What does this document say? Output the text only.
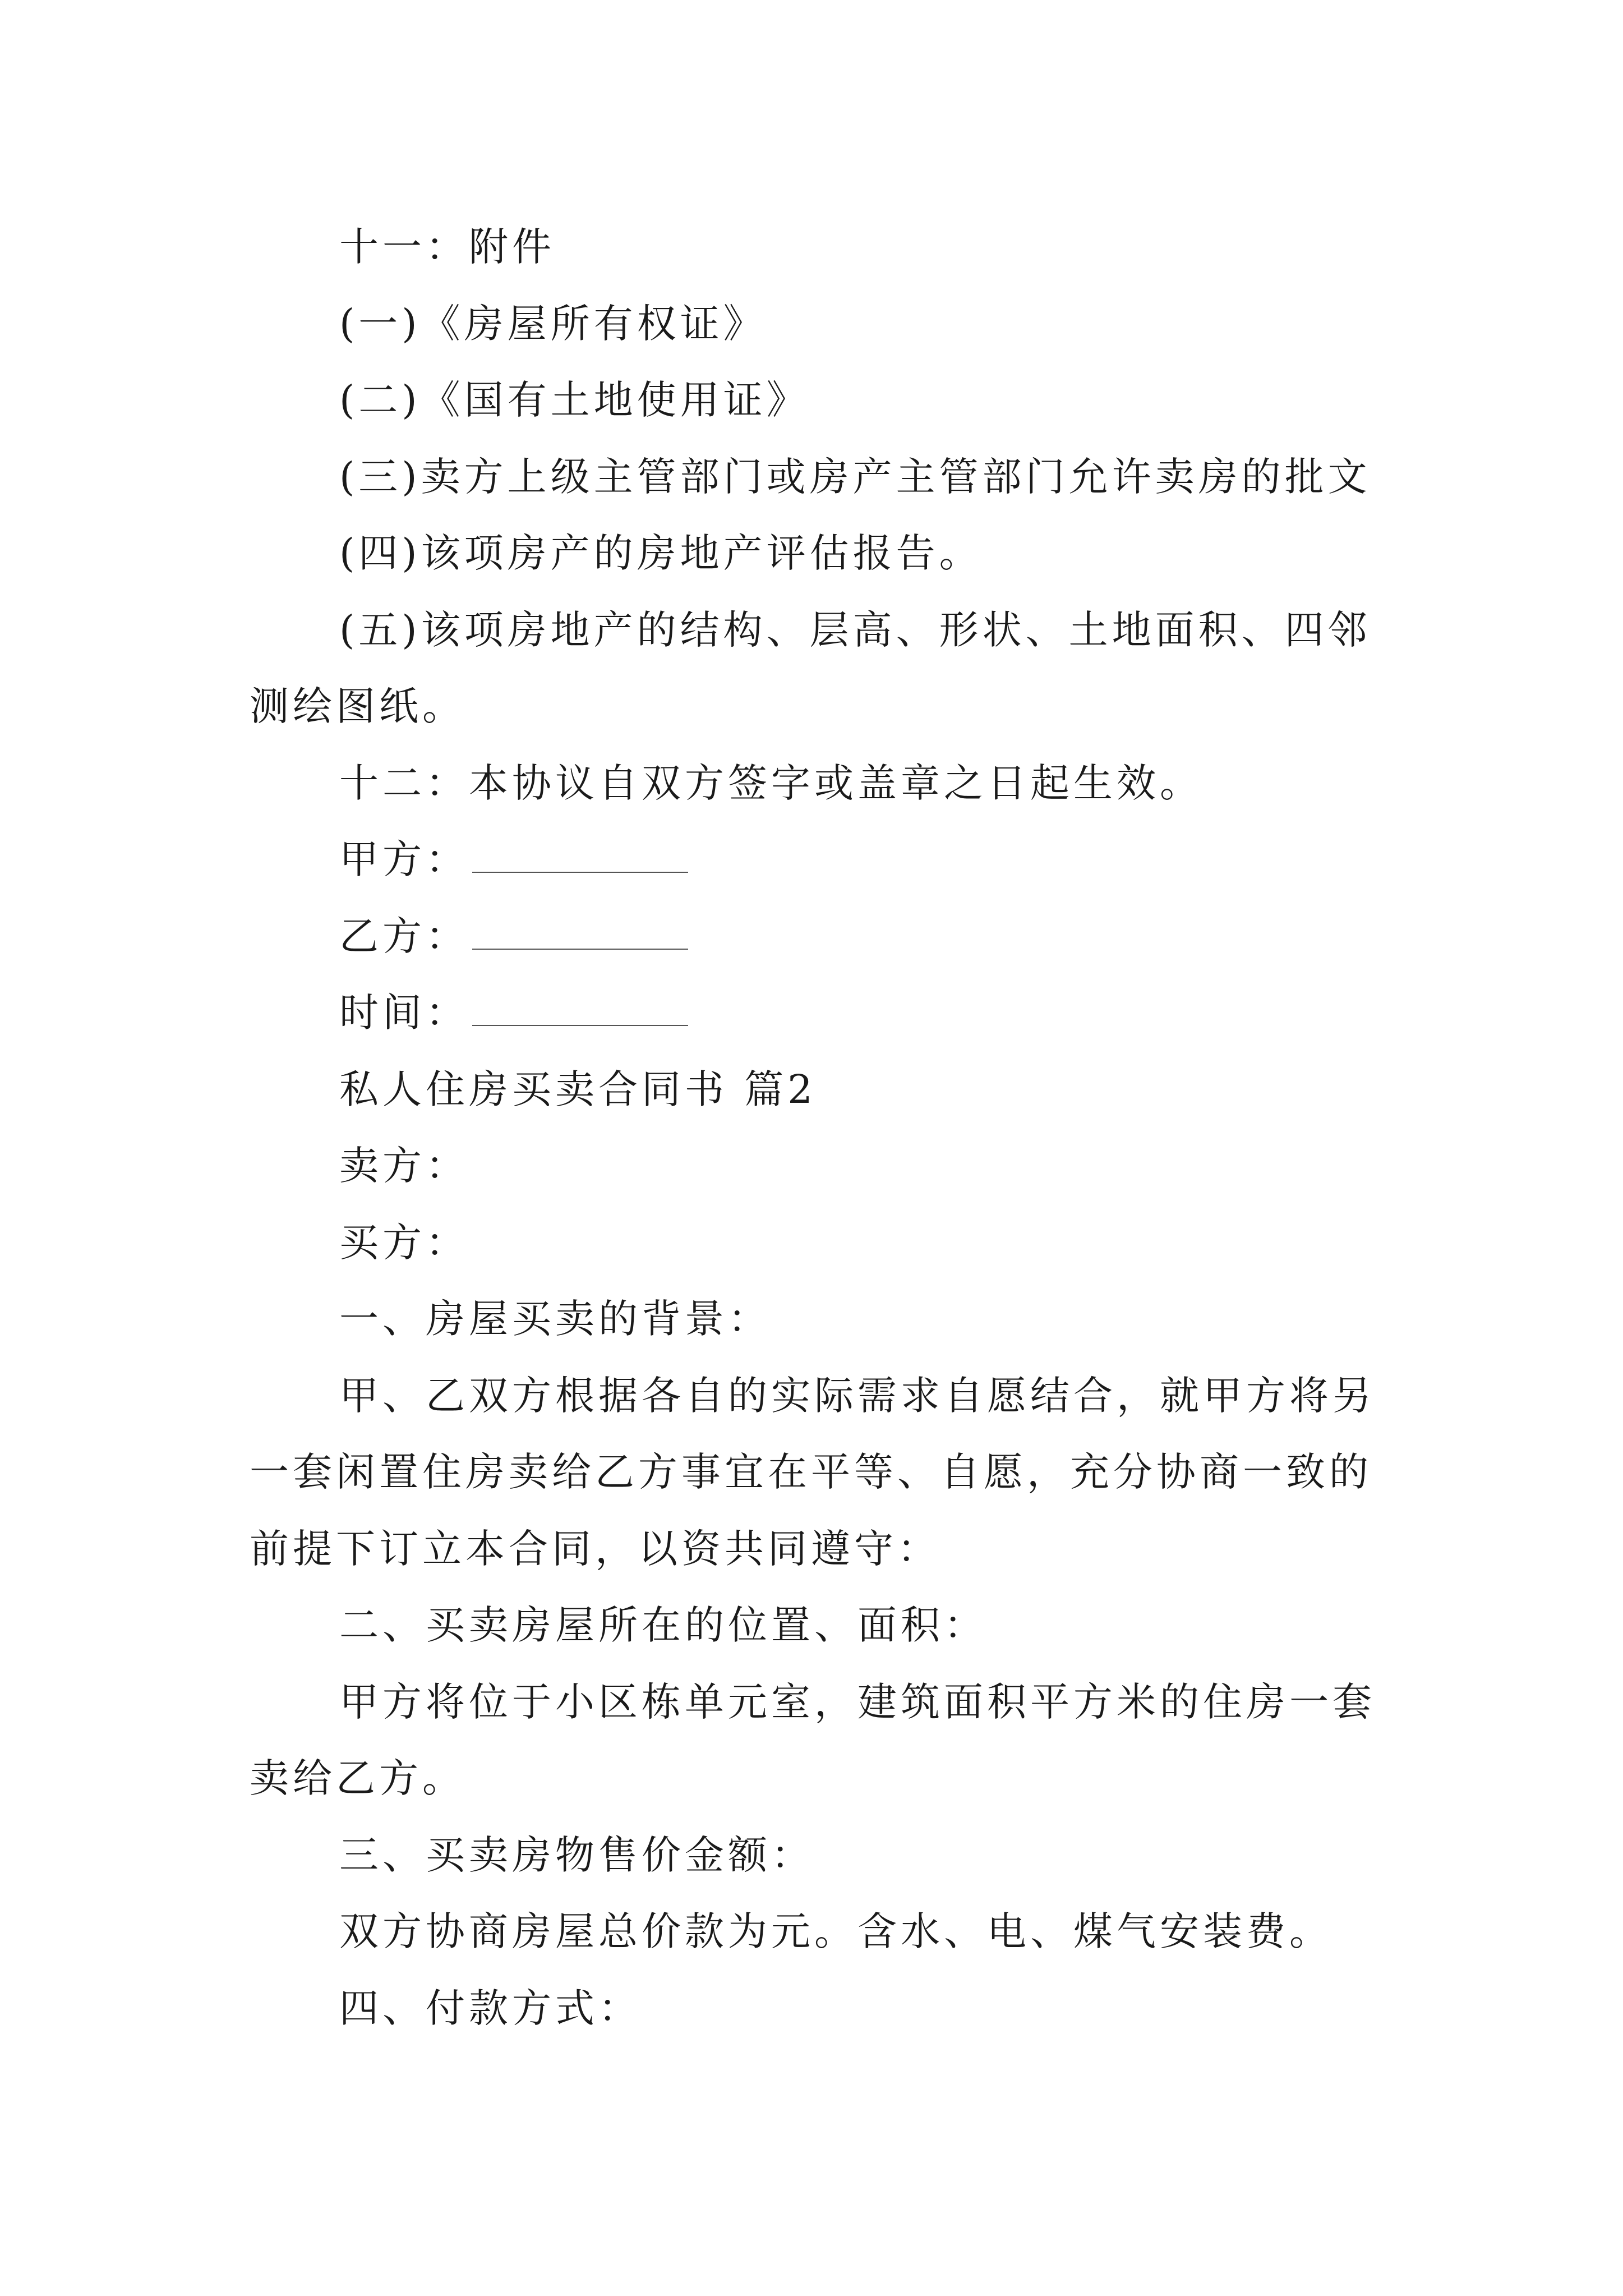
十一：附件
(一)《房屋所有权证》
(二)《国有土地使用证》
(三)卖方上级主管部门或房产主管部门允许卖房的批文
(四)该项房产的房地产评估报告。
(五)该项房地产的结构、层高、形状、土地面积、四邻
测绘图纸。
十二：本协议自双方签字或盖章之日起生效。
甲方：
乙方：
时间：
私人住房买卖合同书 篇2
卖方：
买方：
一、房屋买卖的背景：
甲、乙双方根据各自的实际需求自愿结合，就甲方将另
一套闲置住房卖给乙方事宜在平等、自愿，充分协商一致的
前提下订立本合同，以资共同遵守：
二、买卖房屋所在的位置、面积：
甲方将位于小区栋单元室，建筑面积平方米的住房一套
卖给乙方。
三、买卖房物售价金额：
双方协商房屋总价款为元。含水、电、煤气安装费。
四、付款方式：
